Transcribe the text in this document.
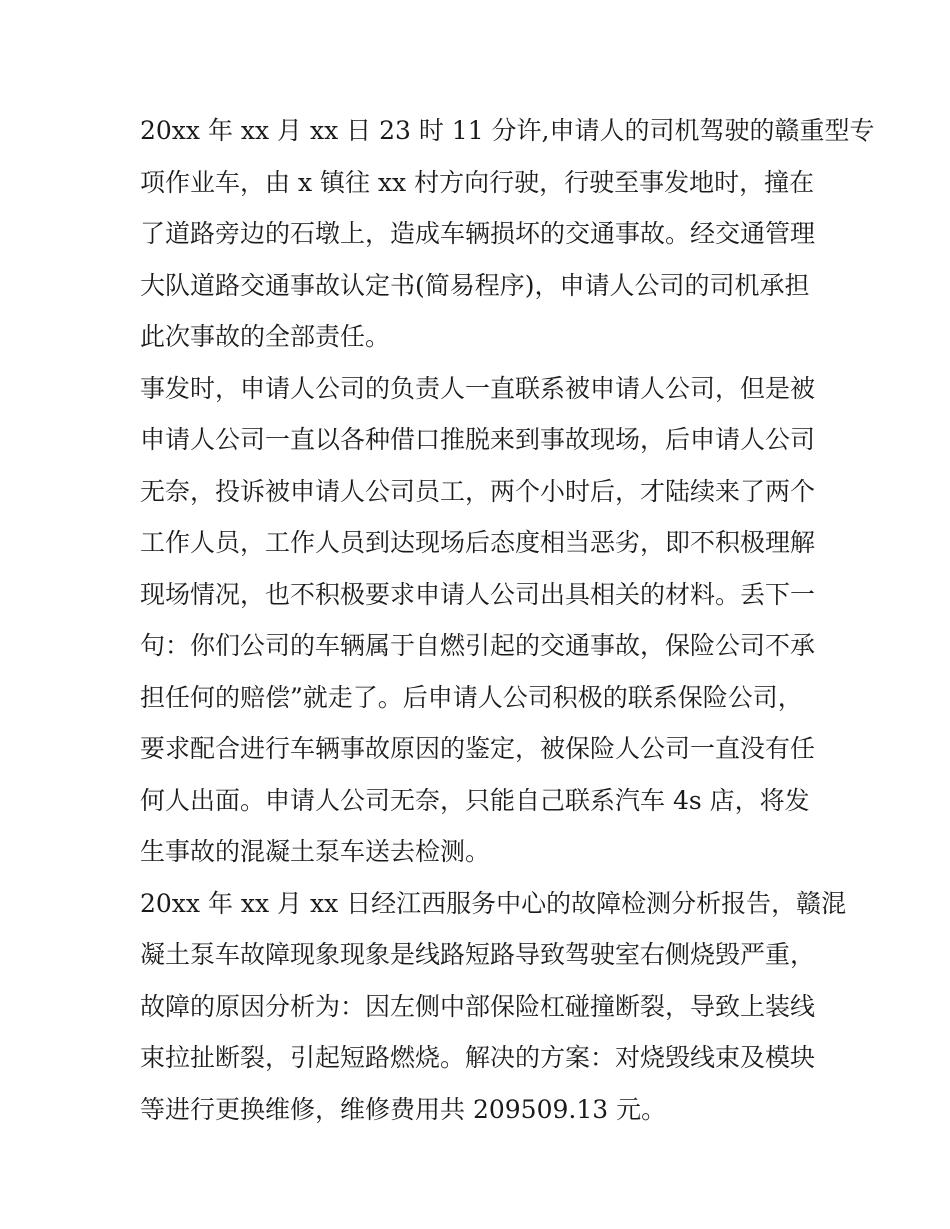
20xx 年 xx 月 xx 日 23 时 11 分许,申请人的司机驾驶的赣重型专
项作业车，由 x 镇往 xx 村方向行驶，行驶至事发地时，撞在
了道路旁边的石墩上，造成车辆损坏的交通事故。经交通管理
大队道路交通事故认定书(简易程序)，申请人公司的司机承担
此次事故的全部责任。
事发时，申请人公司的负责人一直联系被申请人公司，但是被
申请人公司一直以各种借口推脱来到事故现场，后申请人公司
无奈，投诉被申请人公司员工，两个小时后，才陆续来了两个
工作人员，工作人员到达现场后态度相当恶劣，即不积极理解
现场情况，也不积极要求申请人公司出具相关的材料。丢下一
句：你们公司的车辆属于自燃引起的交通事故，保险公司不承
担任何的赔偿”就走了。后申请人公司积极的联系保险公司，
要求配合进行车辆事故原因的鉴定，被保险人公司一直没有任
何人出面。申请人公司无奈，只能自己联系汽车 4s 店，将发
生事故的混凝土泵车送去检测。
20xx 年 xx 月 xx 日经江西服务中心的故障检测分析报告，赣混
凝土泵车故障现象现象是线路短路导致驾驶室右侧烧毁严重，
故障的原因分析为：因左侧中部保险杠碰撞断裂，导致上装线
束拉扯断裂，引起短路燃烧。解决的方案：对烧毁线束及模块
等进行更换维修，维修费用共 209509.13 元。
